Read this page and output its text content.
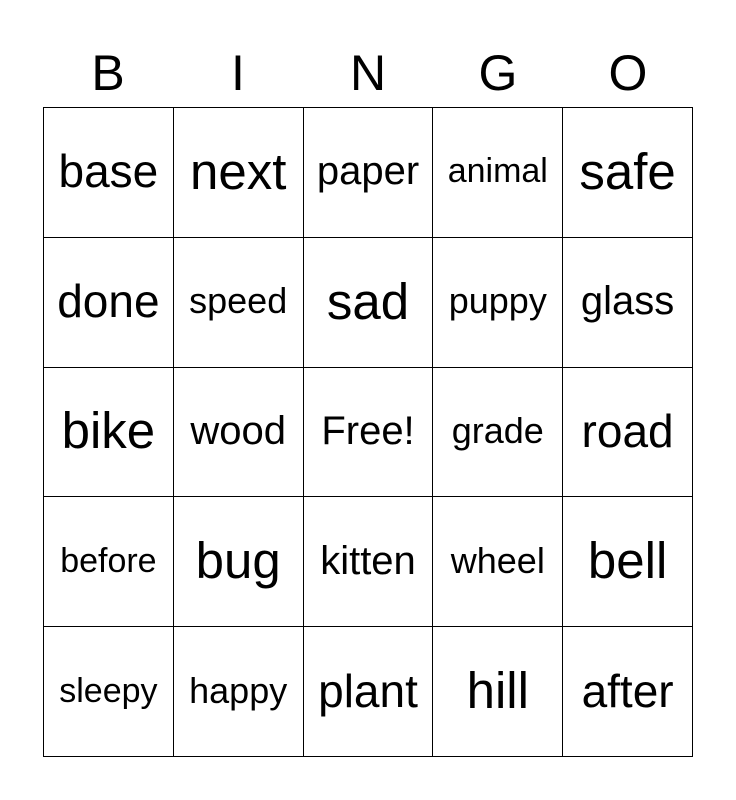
B	I	N	G	O
base next paper animal safe
done speed sad	puppy glass
bike wood Free!	grade road
before bug kitten wheel bell
sleepy happy plant hill	after
